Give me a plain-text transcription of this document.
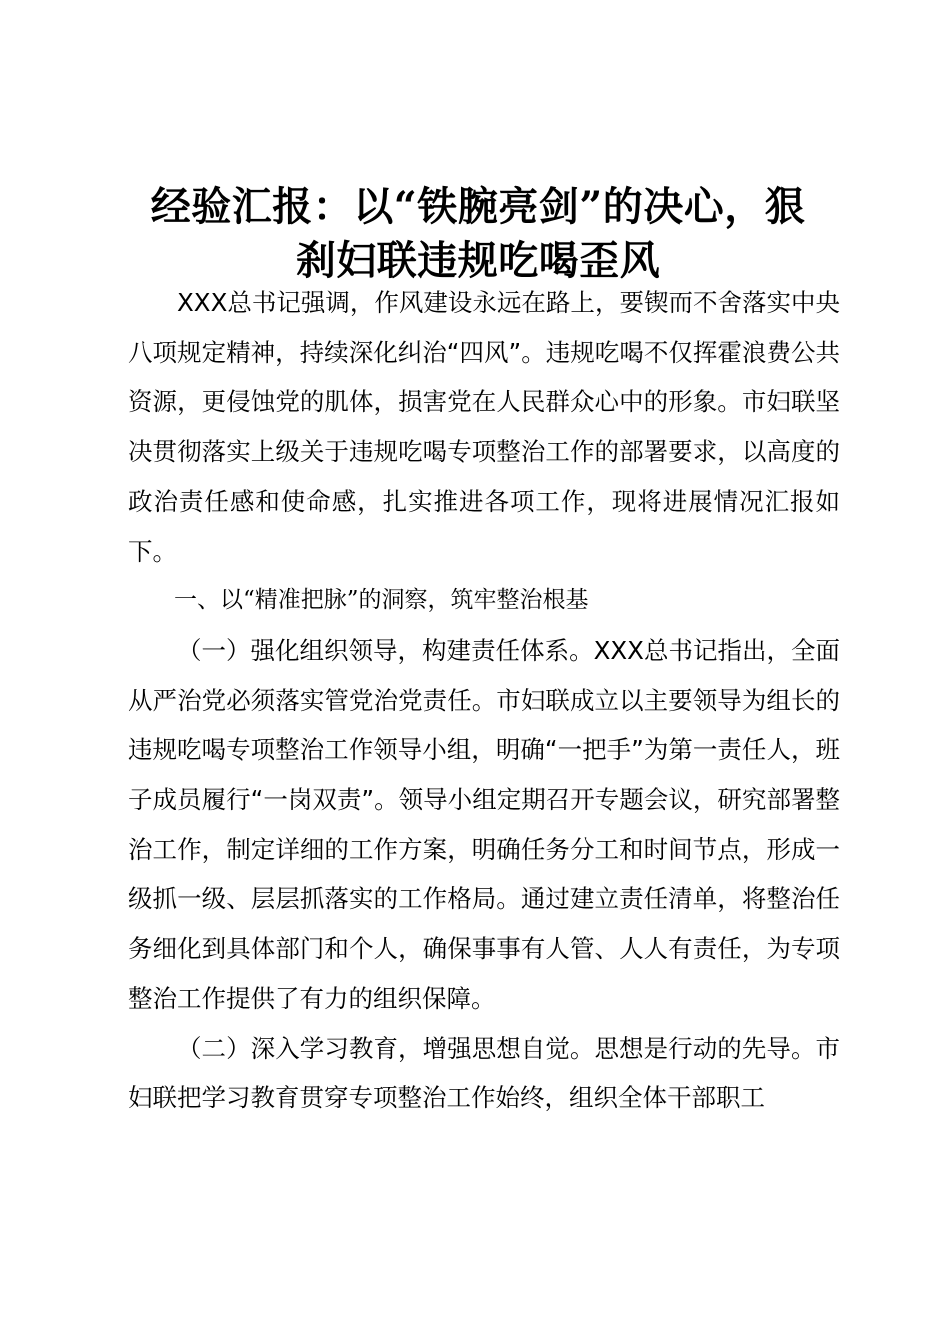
经验汇报：以“铁腕亮剑”的决心，狠
刹妇联违规吃喝歪风

XXX总书记强调，作风建设永远在路上，要锲而不舍落实中央八项规定精神，持续深化纠治“四风”。违规吃喝不仅挥霍浪费公共资源，更侵蚀党的肌体，损害党在人民群众心中的形象。市妇联坚决贯彻落实上级关于违规吃喝专项整治工作的部署要求，以高度的政治责任感和使命感，扎实推进各项工作，现将进展情况汇报如下。

一、以“精准把脉”的洞察，筑牢整治根基

（一）强化组织领导，构建责任体系。XXX总书记指出，全面从严治党必须落实管党治党责任。市妇联成立以主要领导为组长的违规吃喝专项整治工作领导小组，明确“一把手”为第一责任人，班子成员履行“一岗双责”。领导小组定期召开专题会议，研究部署整治工作，制定详细的工作方案，明确任务分工和时间节点，形成一级抓一级、层层抓落实的工作格局。通过建立责任清单，将整治任务细化到具体部门和个人，确保事事有人管、人人有责任，为专项整治工作提供了有力的组织保障。

（二）深入学习教育，增强思想自觉。思想是行动的先导。市妇联把学习教育贯穿专项整治工作始终，组织全体干部职工
